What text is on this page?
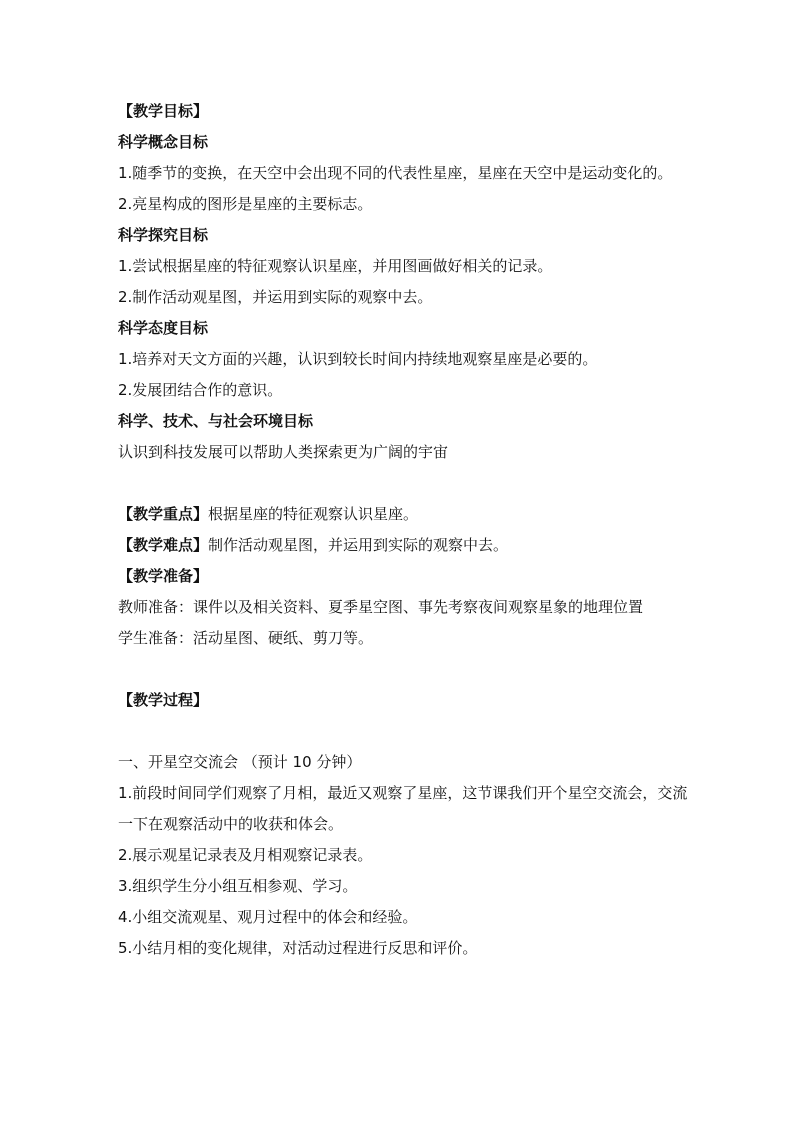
【教学目标】
科学概念目标
1.随季节的变换，在天空中会出现不同的代表性星座，星座在天空中是运动变化的。
2.亮星构成的图形是星座的主要标志。
科学探究目标
1.尝试根据星座的特征观察认识星座，并用图画做好相关的记录。
2.制作活动观星图，并运用到实际的观察中去。
科学态度目标
1.培养对天文方面的兴趣，认识到较长时间内持续地观察星座是必要的。
2.发展团结合作的意识。
科学、技术、与社会环境目标
认识到科技发展可以帮助人类探索更为广阔的宇宙
【教学重点】根据星座的特征观察认识星座。
【教学难点】制作活动观星图，并运用到实际的观察中去。
【教学准备】
教师准备：课件以及相关资料、夏季星空图、事先考察夜间观察星象的地理位置
学生准备：活动星图、硬纸、剪刀等。
【教学过程】
一、开星空交流会 （预计 10 分钟）
1.前段时间同学们观察了月相，最近又观察了星座，这节课我们开个星空交流会，交流一下在观察活动中的收获和体会。
2.展示观星记录表及月相观察记录表。
3.组织学生分小组互相参观、学习。
4.小组交流观星、观月过程中的体会和经验。
5.小结月相的变化规律，对活动过程进行反思和评价。
